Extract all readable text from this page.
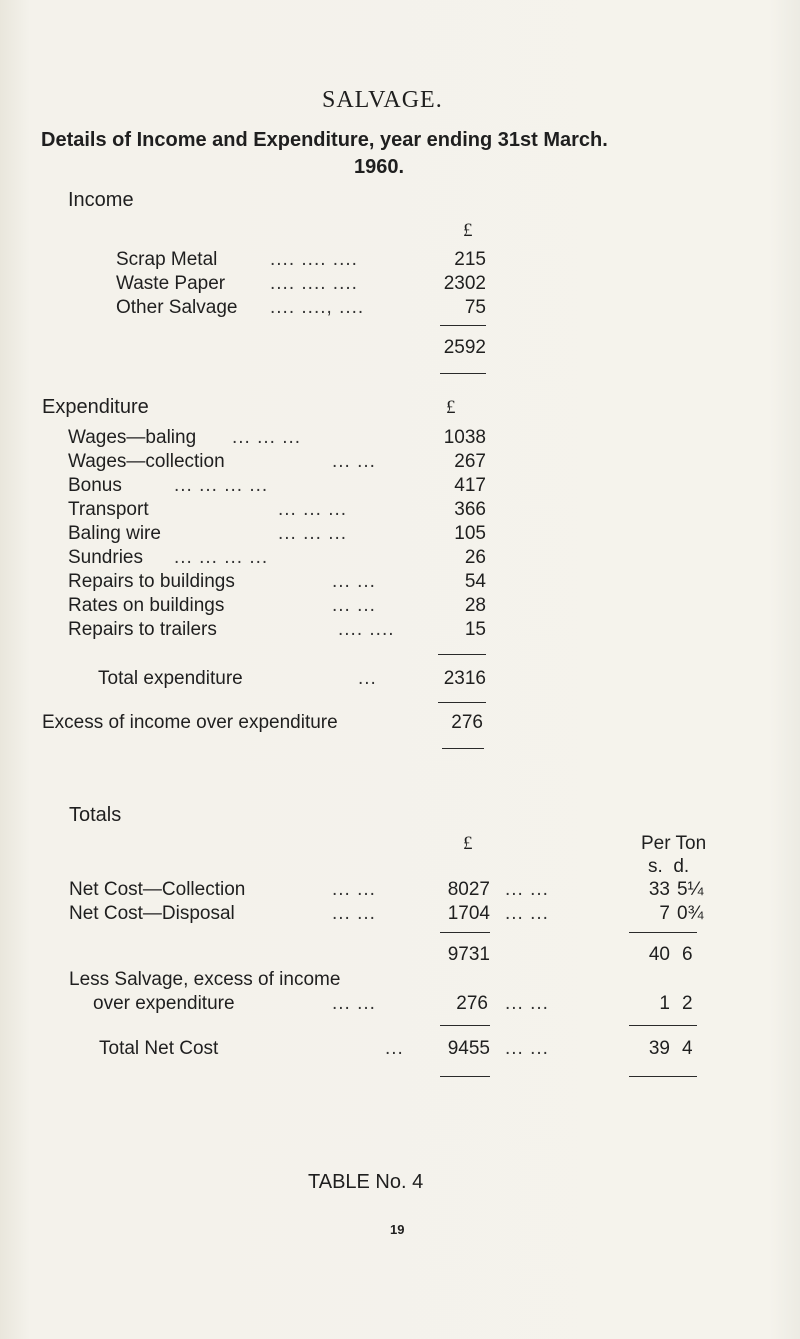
SALVAGE.
Details of Income and Expenditure, year ending 31st March.
1960.
Income
£
Scrap Metal	.... .... ....	215
Waste Paper .... .... ....	2302
Other Salvage .... ...., ....	75
2592
Expenditure	£
Wages—baling ... ... ...	1038
Wages—collection	... ...	267
Bonus	... ... ... ...	417
Transport	... ... ...	366
Baling wire	... ... ...	105
Sundries ... ... ... ...	26
Repairs to buildings	... ...	54
Rates on buildings	... ...	28
Repairs to trailers	.... ....	15
Total expenditure	...	2316
Excess of income over expenditure	276
Totals
£	Per Ton
s.  d.
Net Cost—Collection	... ...	8027 ... ...	33 5¼
Net Cost—Disposal	... ...	1704 ... ...	7 0¾
9731	40 6
Less Salvage, excess of income
over expenditure	... ...	276 ... ...	1 2
Total Net Cost	...	9455 ... ...	39 4
TABLE No. 4
19
